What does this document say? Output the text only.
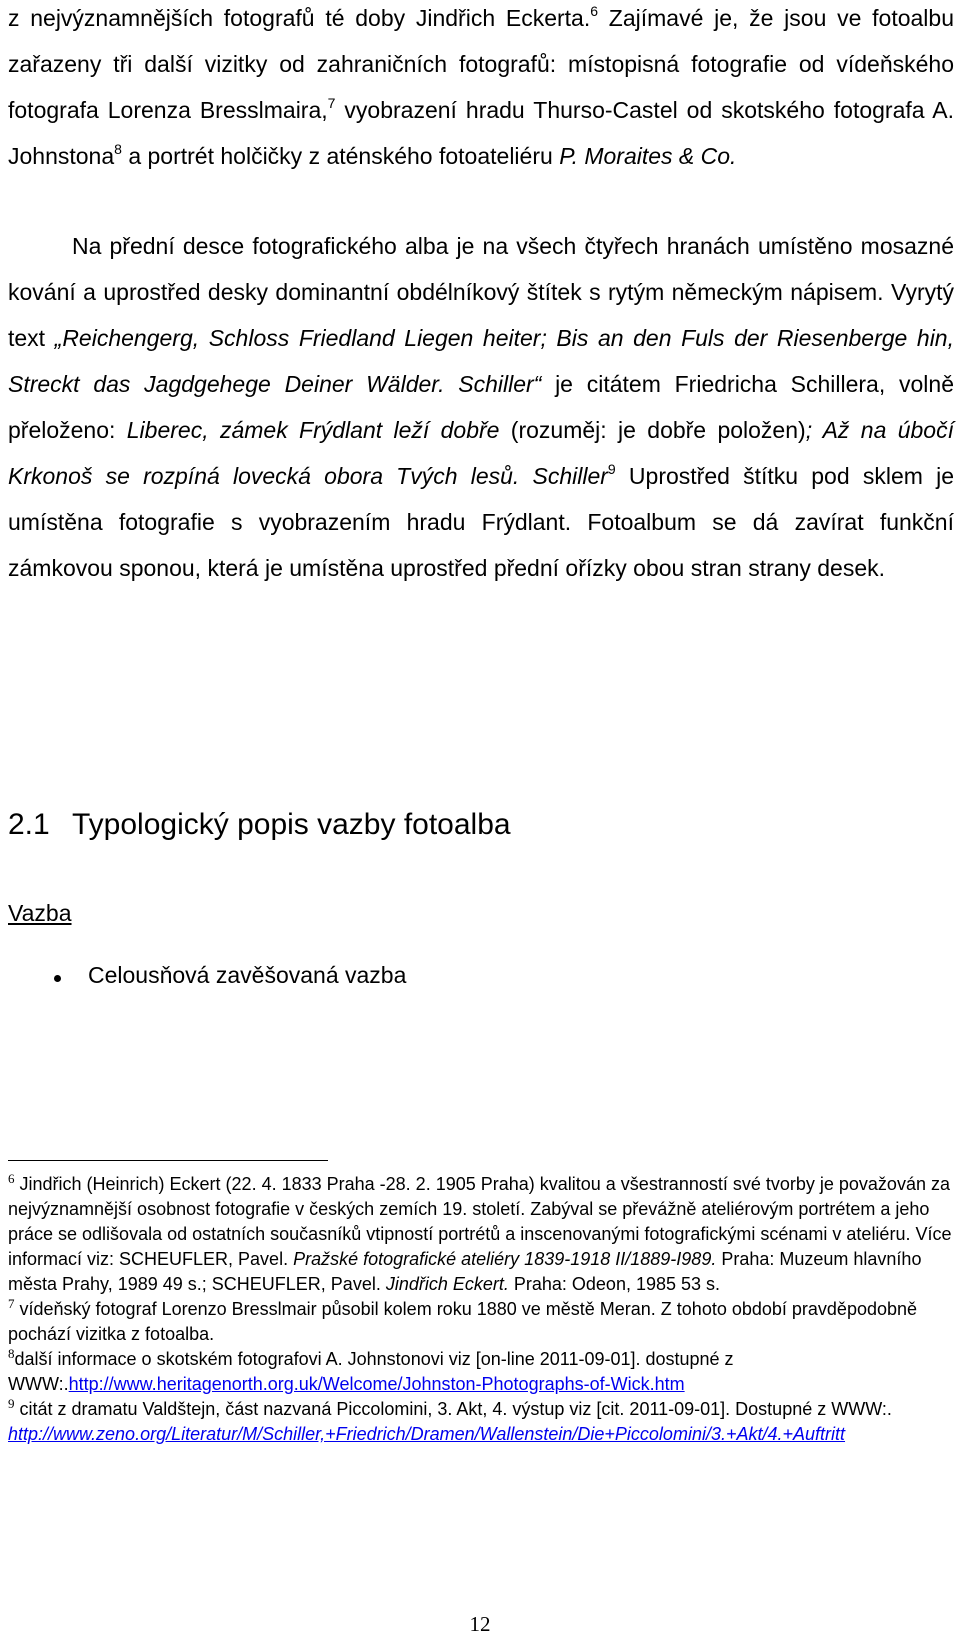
z nejvýznamnějších fotografů té doby Jindřich Eckerta.$^6$ Zajímavé je, že jsou ve fotoalbu zařazeny tři další vizitky od zahraničních fotografů: místopisná fotografie od vídeňského fotografa Lorenza Bresslmaira,$^7$ vyobrazení hradu Thurso-Castel od skotského fotografa A. Johnstona$^8$ a portrét holčičky z aténského fotoateliéru P. Moraites & Co.

Na přední desce fotografického alba je na všech čtyřech hranách umístěno mosazné kování a uprostřed desky dominantní obdélníkový štítek s rytým německým nápisem. Vyrytý text „Reichengerg, Schloss Friedland Liegen heiter; Bis an den Fuls der Riesenberge hin, Streckt das Jagdgehege Deiner Wälder. Schiller“ je citátem Friedricha Schillera, volně přeloženo: Liberec, zámek Frýdlant leží dobře (rozuměj: je dobře položen); Až na úbočí Krkonoš se rozpíná lovecká obora Tvých lesů. Schiller$^9$ Uprostřed štítku pod sklem je umístěna fotografie s vyobrazením hradu Frýdlant. Fotoalbum se dá zavírat funkční zámkovou sponou, která je umístěna uprostřed přední ořízky obou stran strany desek.

2.1 Typologický popis vazby fotoalba
Vazba
Celousňová zavěšovaná vazba

$^6$ Jindřich (Heinrich) Eckert (22. 4. 1833 Praha -28. 2. 1905 Praha) kvalitou a všestranností své tvorby je považován za nejvýznamnější osobnost fotografie v českých zemích 19. století. Zabýval se převážně ateliérovým portrétem a jeho práce se odlišovala od ostatních současníků vtipností portrétů a inscenovanými fotografickými scénami v ateliéru. Více informací viz: SCHEUFLER, Pavel. Pražské fotografické ateliéry 1839-1918 II/1889-I989. Praha: Muzeum hlavního města Prahy, 1989 49 s.; SCHEUFLER, Pavel. Jindřich Eckert. Praha: Odeon, 1985 53 s.

$^7$ vídeňský fotograf Lorenzo Bresslmair působil kolem roku 1880 ve městě Meran. Z tohoto období pravděpodobně pochází vizitka z fotoalba.

$^8$další informace o skotském fotografovi A. Johnstonovi viz [on-line 2011-09-01]. dostupné z WWW:.http://www.heritagenorth.org.uk/Welcome/Johnston-Photographs-of-Wick.htm

$^9$ citát z dramatu Valdštejn, část nazvaná Piccolomini, 3. Akt, 4. výstup viz [cit. 2011-09-01]. Dostupné z WWW:.
http://www.zeno.org/Literatur/M/Schiller,+Friedrich/Dramen/Wallenstein/Die+Piccolomini/3.+Akt/4.+Auftritt

12
